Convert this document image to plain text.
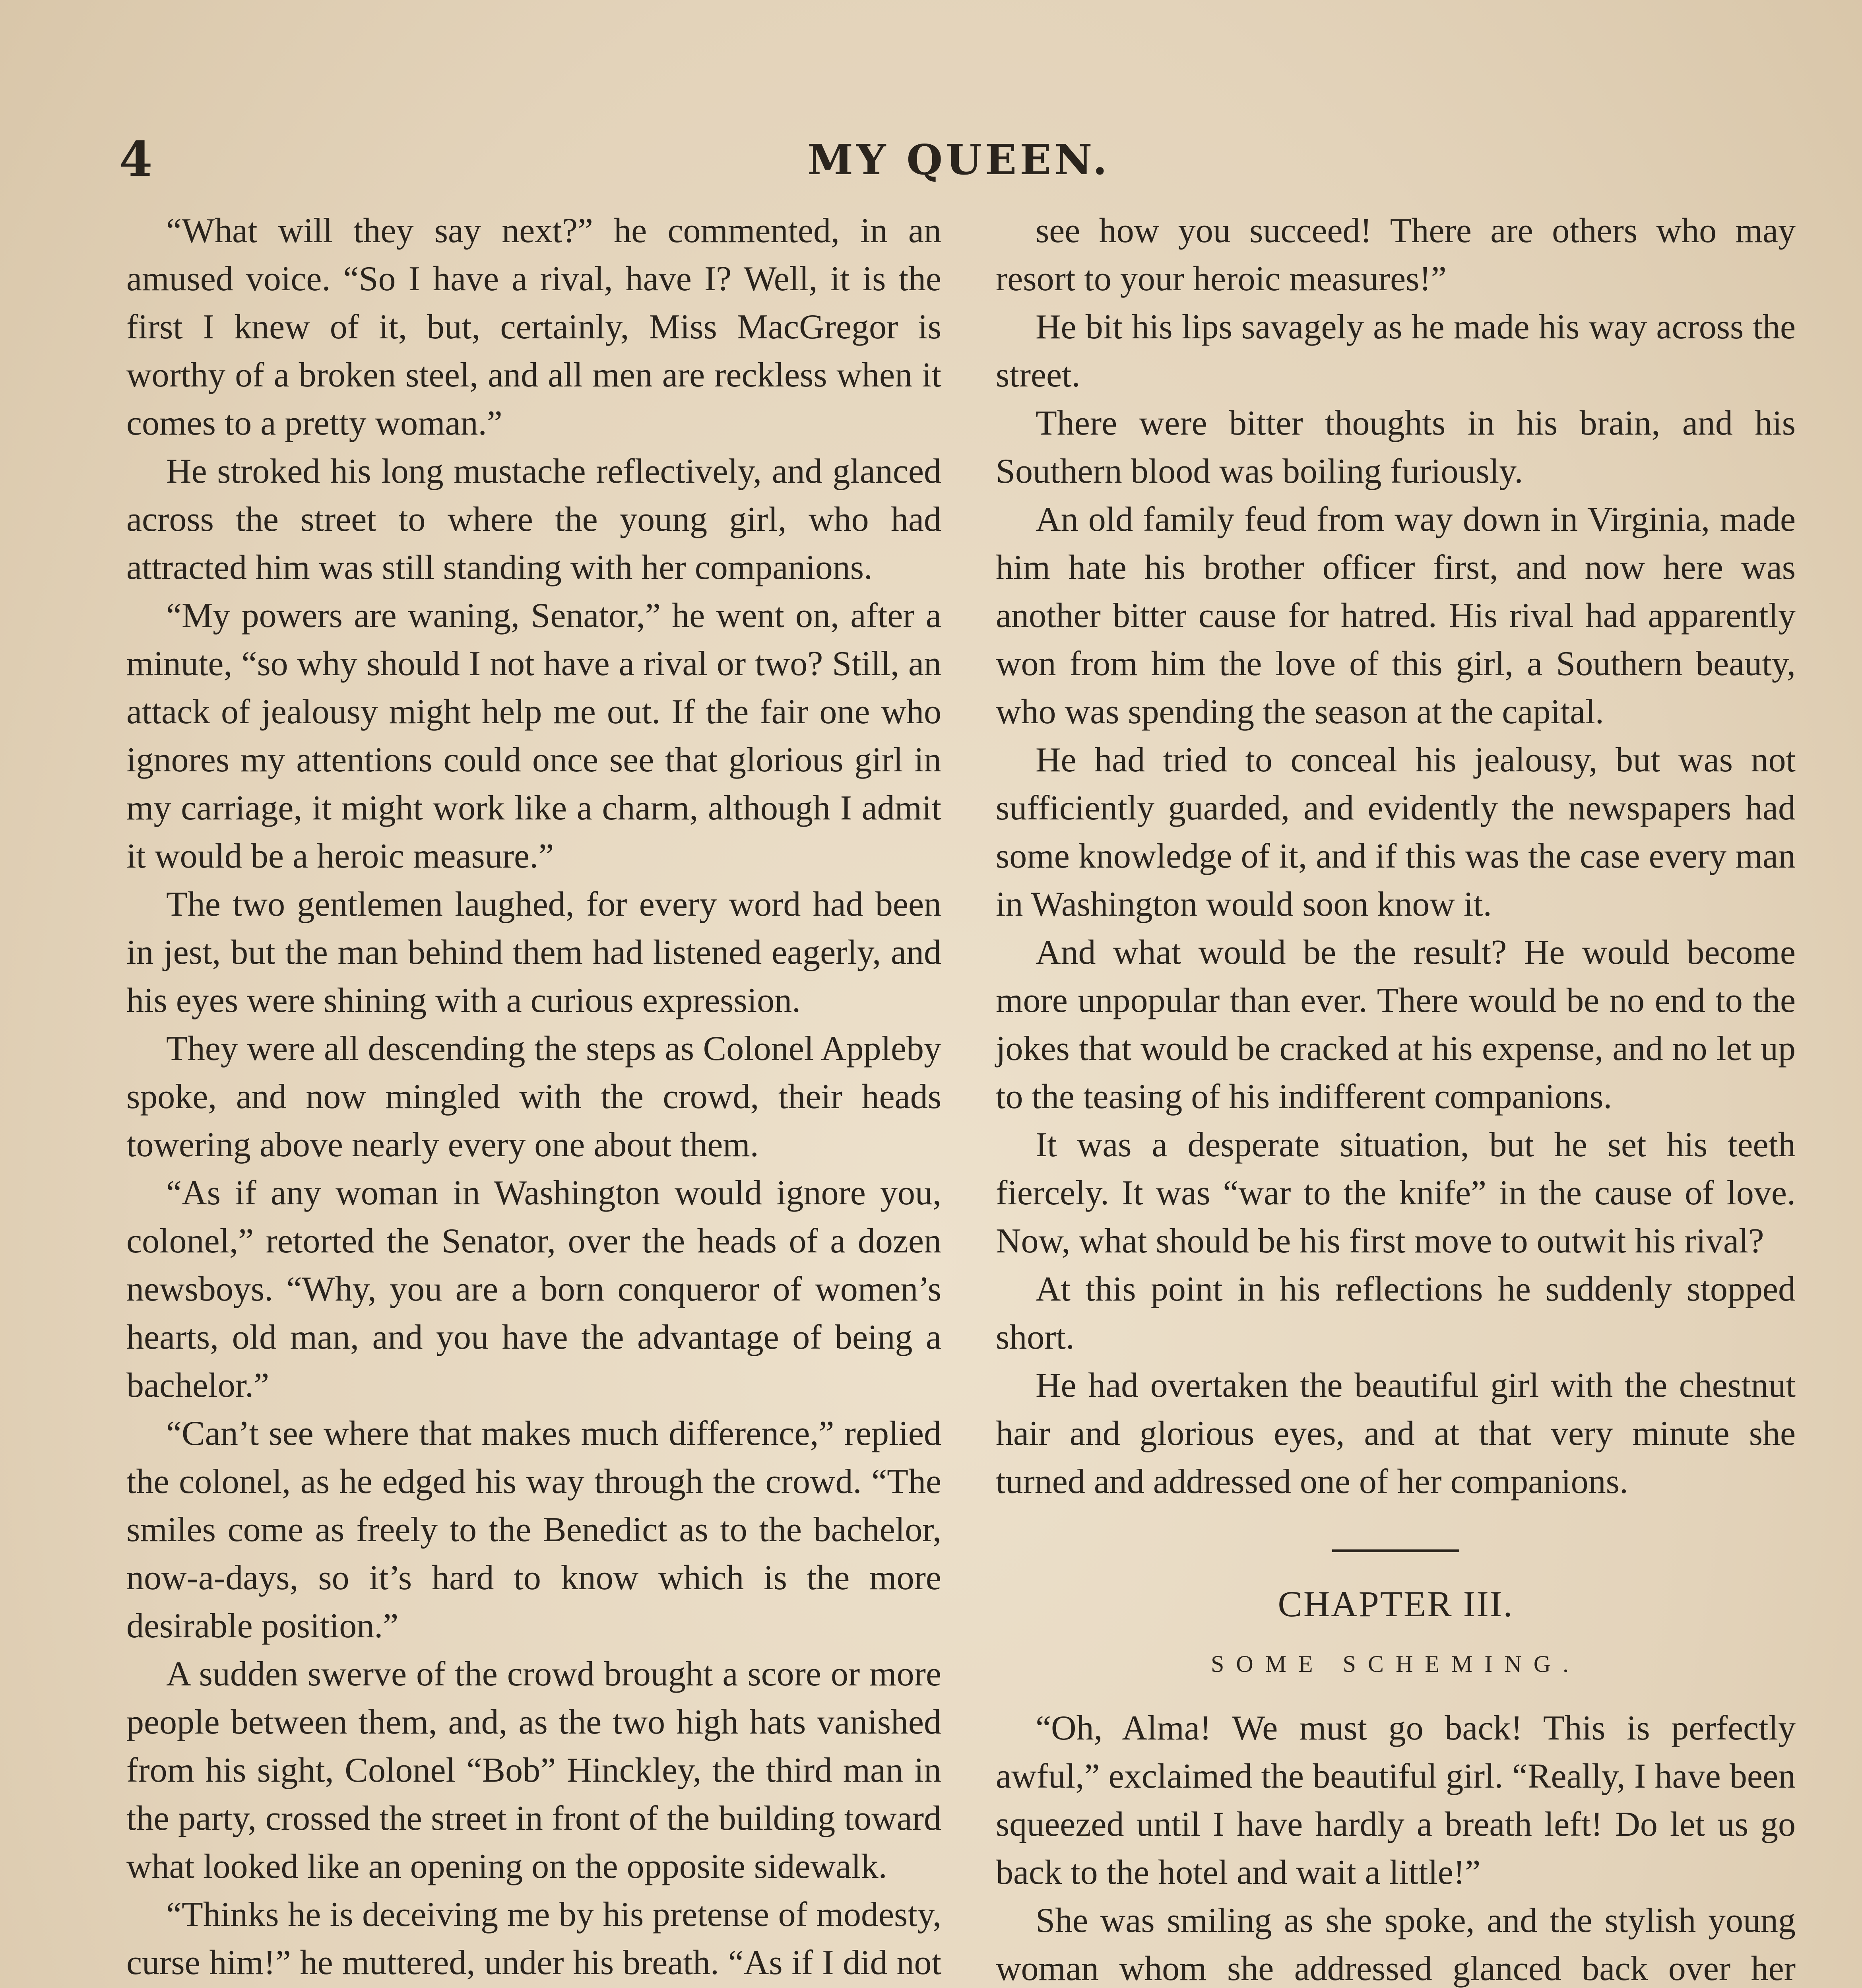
4	MY QUEEN.

“What will they say next?” he commented, in an amused voice. “So I have a rival, have I? Well, it is the first I knew of it, but, certainly, Miss MacGregor is worthy of a broken steel, and all men are reckless when it comes to a pretty woman.”

He stroked his long mustache reflectively, and glanced across the street to where the young girl, who had attracted him was still standing with her companions.

“My powers are waning, Senator,” he went on, after a minute, “so why should I not have a rival or two? Still, an attack of jealousy might help me out. If the fair one who ignores my attentions could once see that glorious girl in my carriage, it might work like a charm, although I admit it would be a heroic measure.”

The two gentlemen laughed, for every word had been in jest, but the man behind them had listened eagerly, and his eyes were shining with a curious expression.

They were all descending the steps as Colonel Appleby spoke, and now mingled with the crowd, their heads towering above nearly every one about them.

“As if any woman in Washington would ignore you, colonel,” retorted the Senator, over the heads of a dozen newsboys. “Why, you are a born conqueror of women’s hearts, old man, and you have the advantage of being a bachelor.”

“Can’t see where that makes much difference,” replied the colonel, as he edged his way through the crowd. “The smiles come as freely to the Benedict as to the bachelor, now-a-days, so it’s hard to know which is the more desirable position.”

A sudden swerve of the crowd brought a score or more people between them, and, as the two high hats vanished from his sight, Colonel “Bob” Hinckley, the third man in the party, crossed the street in front of the building toward what looked like an opening on the opposite sidewalk.

“Thinks he is deceiving me by his pretense of modesty, curse him!” he muttered, under his breath. “As if I did not

see how you succeed! There are others who may resort to your heroic measures!”

He bit his lips savagely as he made his way across the street.

There were bitter thoughts in his brain, and his Southern blood was boiling furiously.

An old family feud from way down in Virginia, made him hate his brother officer first, and now here was another bitter cause for hatred. His rival had apparently won from him the love of this girl, a Southern beauty, who was spending the season at the capital.

He had tried to conceal his jealousy, but was not sufficiently guarded, and evidently the newspapers had some knowledge of it, and if this was the case every man in Washington would soon know it.

And what would be the result? He would become more unpopular than ever. There would be no end to the jokes that would be cracked at his expense, and no let up to the teasing of his indifferent companions.

It was a desperate situation, but he set his teeth fiercely. It was “war to the knife” in the cause of love. Now, what should be his first move to outwit his rival?

At this point in his reflections he suddenly stopped short.

He had overtaken the beautiful girl with the chestnut hair and glorious eyes, and at that very minute she turned and addressed one of her companions.

CHAPTER III.
SOME SCHEMING.

“Oh, Alma! We must go back! This is perfectly awful,” exclaimed the beautiful girl. “Really, I have been squeezed until I have hardly a breath left! Do let us go back to the hotel and wait a little!”

She was smiling as she spoke, and the stylish young woman whom she addressed glanced back over her
